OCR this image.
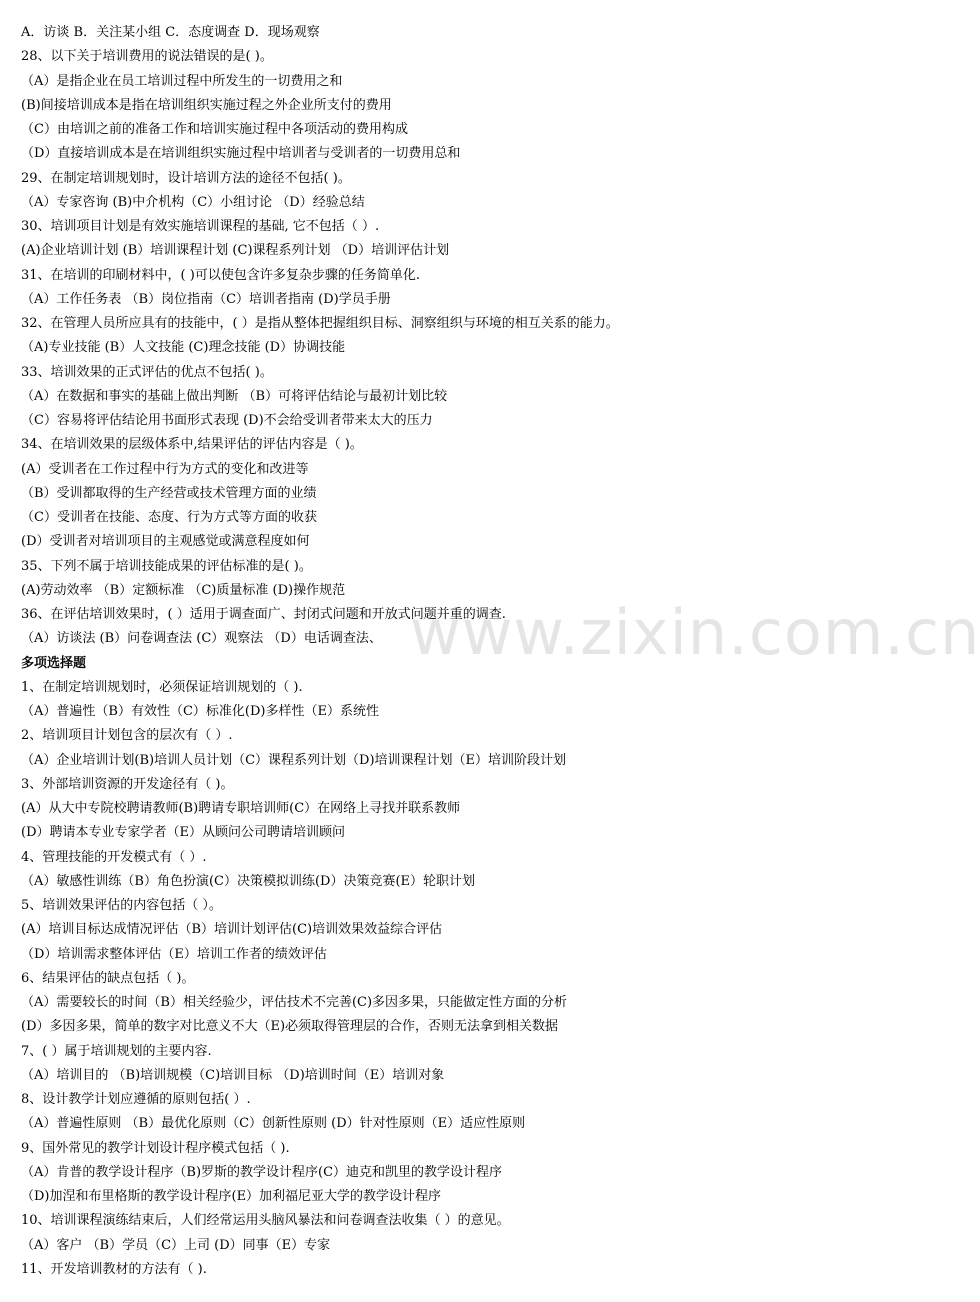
www.zixin.com.cn
A．访谈 B．关注某小组 C．态度调查 D．现场观察
28、以下关于培训费用的说法错误的是( )。
（A）是指企业在员工培训过程中所发生的一切费用之和
(B)间接培训成本是指在培训组织实施过程之外企业所支付的费用
（C）由培训之前的准备工作和培训实施过程中各项活动的费用构成
（D）直接培训成本是在培训组织实施过程中培训者与受训者的一切费用总和
29、在制定培训规划时，设计培训方法的途径不包括( )。
（A）专家咨询 (B)中介机构（C）小组讨论 （D）经验总结
30、培训项目计划是有效实施培训课程的基础, 它不包括（ ）.
(A)企业培训计划 (B）培训课程计划 (C)课程系列计划 （D）培训评估计划
31、在培训的印刷材料中，( )可以使包含许多复杂步骤的任务简单化.
（A）工作任务表 （B）岗位指南（C）培训者指南 (D)学员手册
32、在管理人员所应具有的技能中，( ）是指从整体把握组织目标、洞察组织与环境的相互关系的能力。
（A)专业技能 (B）人文技能 (C)理念技能 (D）协调技能
33、培训效果的正式评估的优点不包括( )。
（A）在数据和事实的基础上做出判断 （B）可将评估结论与最初计划比较
（C）容易将评估结论用书面形式表现 (D)不会给受训者带来太大的压力
34、在培训效果的层级体系中,结果评估的评估内容是（ )。
(A）受训者在工作过程中行为方式的变化和改进等
（B）受训都取得的生产经营或技术管理方面的业绩
（C）受训者在技能、态度、行为方式等方面的收获
(D）受训者对培训项目的主观感觉或满意程度如何
35、下列不属于培训技能成果的评估标准的是( )。
(A)劳动效率 （B）定额标准 （C)质量标准 (D)操作规范
36、在评估培训效果时，( ）适用于调查面广、封闭式问题和开放式问题并重的调查.
（A）访谈法 (B）问卷调查法 (C）观察法 （D）电话调查法、
多项选择题
1、在制定培训规划时，必须保证培训规划的（ ).
（A）普遍性（B）有效性（C）标准化(D)多样性（E）系统性
2、培训项目计划包含的层次有（ ）.
（A）企业培训计划(B)培训人员计划（C）课程系列计划（D)培训课程计划（E）培训阶段计划
3、外部培训资源的开发途径有（ )。
(A）从大中专院校聘请教师(B)聘请专职培训师(C）在网络上寻找并联系教师
(D）聘请本专业专家学者（E）从顾问公司聘请培训顾问
4、管理技能的开发模式有（ ）.
（A）敏感性训练（B）角色扮演(C）决策模拟训练(D）决策竞赛(E）轮职计划
5、培训效果评估的内容包括（ ）。
(A）培训目标达成情况评估（B）培训计划评估(C)培训效果效益综合评估
（D）培训需求整体评估（E）培训工作者的绩效评估
6、结果评估的缺点包括（ )。
（A）需要较长的时间（B）相关经验少，评估技术不完善(C)多因多果，只能做定性方面的分析
(D）多因多果，简单的数字对比意义不大（E)必须取得管理层的合作，否则无法拿到相关数据
7、( ）属于培训规划的主要内容.
（A）培训目的 （B)培训规模（C)培训目标 （D)培训时间（E）培训对象
8、设计教学计划应遵循的原则包括( ）.
（A）普遍性原则 （B）最优化原则（C）创新性原则 (D）针对性原则（E）适应性原则
9、国外常见的教学计划设计程序模式包括（ ).
（A）肯普的教学设计程序（B)罗斯的教学设计程序(C）迪克和凯里的教学设计程序
（D)加涅和布里格斯的教学设计程序(E）加利福尼亚大学的教学设计程序
10、培训课程演练结束后，人们经常运用头脑风暴法和问卷调查法收集（ ）的意见。
（A）客户 （B）学员（C）上司 (D）同事（E）专家
11、开发培训教材的方法有（ ).
